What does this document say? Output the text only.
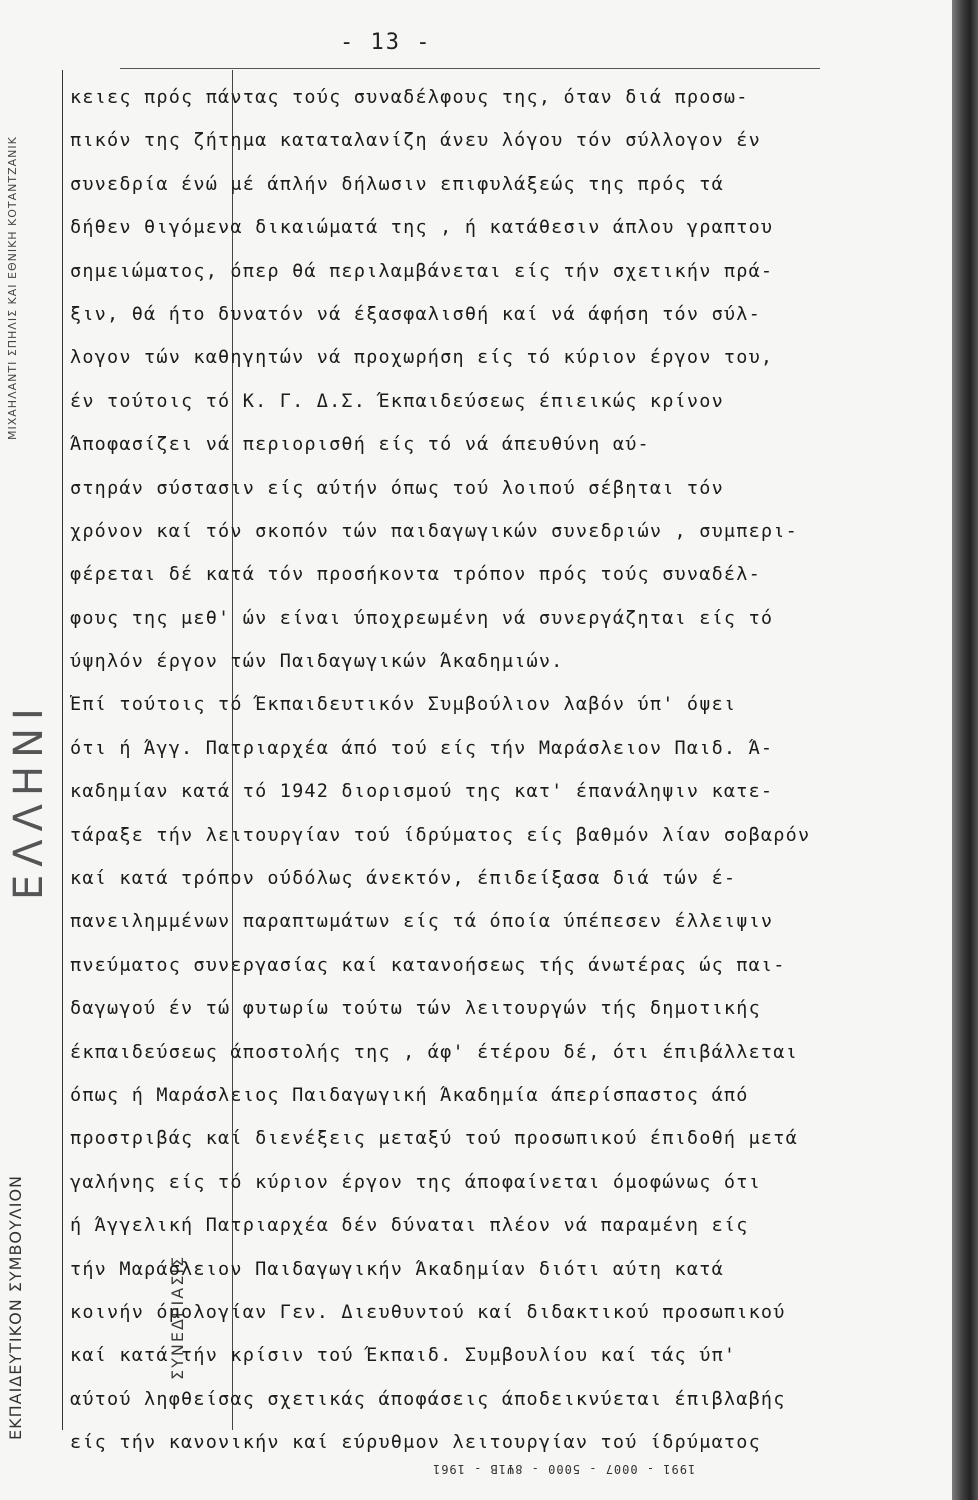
- 13 -
ΜΙΧΑΗΛΑΝΤΙ ΣΠΗΛΙΣ ΚΑΙ ΕΘΝΙΚΗ ΚΟΤΑΝΤΖΑΝΙΚ
ΕΛΛΗΝΙ
ΕΚΠΑΙΔΕΥΤΙΚΟΝ ΣΥΜΒΟΥΛΙΟΝ	ΣΥΝΕΔΡΙΑΣΙΣ
κειες πρός πάντας τούς συναδέλφους της, όταν διά προσω-
πικόν της ζήτημα καταταλανίζη άνευ λόγου τόν σύλλογον έν
συνεδρία ένώ μέ άπλήν δήλωσιν επιφυλάξεώς της πρός τά
δήθεν θιγόμενα δικαιώματά της , ή κατάθεσιν άπλου γραπτου
σημειώματος, όπερ θά περιλαμβάνεται είς τήν σχετικήν πρά-
ξιν, θά ήτο δυνατόν νά έξασφαλισθή καί νά άφήση τόν σύλ-
λογον τών καθηγητών νά προχωρήση είς τό κύριον έργον του,
έν τούτοις τό Κ. Γ. Δ.Σ. Έκπαιδεύσεως έπιεικώς κρίνον
Άποφασίζει νά περιορισθή είς τό νά άπευθύνη αύ-
στηράν σύστασιν είς αύτήν όπως τού λοιπού σέβηται τόν
χρόνον καί τόν σκοπόν τών παιδαγωγικών συνεδριών , συμπερι-
φέρεται δέ κατά τόν προσήκοντα τρόπον πρός τούς συναδέλ-
φους της μεθ' ών είναι ύποχρεωμένη νά συνεργάζηται είς τό
ύψηλόν έργον τών Παιδαγωγικών Άκαδημιών.
Έπί τούτοις τό Έκπαιδευτικόν Συμβούλιον λαβόν ύπ' όψει
ότι ή Άγγ. Πατριαρχέα άπό τού είς τήν Μαράσλειον Παιδ. Ά-
καδημίαν κατά τό 1942 διορισμού της κατ' έπανάληψιν κατε-
τάραξε τήν λειτουργίαν τού ίδρύματος είς βαθμόν λίαν σοβαρόν
καί κατά τρόπον ούδόλως άνεκτόν, έπιδείξασα διά τών έ-
πανειλημμένων παραπτωμάτων είς τά όποία ύπέπεσεν έλλειψιν
πνεύματος συνεργασίας καί κατανοήσεως τής άνωτέρας ώς παι-
δαγωγού έν τώ φυτωρίω τούτω τών λειτουργών τής δημοτικής
έκπαιδεύσεως άποστολής της , άφ' έτέρου δέ, ότι έπιβάλλεται
όπως ή Μαράσλειος Παιδαγωγική Άκαδημία άπερίσπαστος άπό
προστριβάς καί διενέξεις μεταξύ τού προσωπικού έπιδοθή μετά
γαλήνης είς τό κύριον έργον της άποφαίνεται όμοφώνως ότι
ή Άγγελική Πατριαρχέα δέν δύναται πλέον νά παραμένη είς
τήν Μαράσλειον Παιδαγωγικήν Άκαδημίαν διότι αύτη κατά
κοινήν όμολογίαν Γεν. Διευθυντού καί διδακτικού προσωπικού
καί κατά τήν κρίσιν τού Έκπαιδ. Συμβουλίου καί τάς ύπ'
αύτού ληφθείσας σχετικάς άποφάσεις άποδεικνύεται έπιβλαβής
είς τήν κανονικήν καί εύρυθμον λειτουργίαν τού ίδρύματος
1991 - 0007 - 5000 - 8Ψ1Β - 1961
